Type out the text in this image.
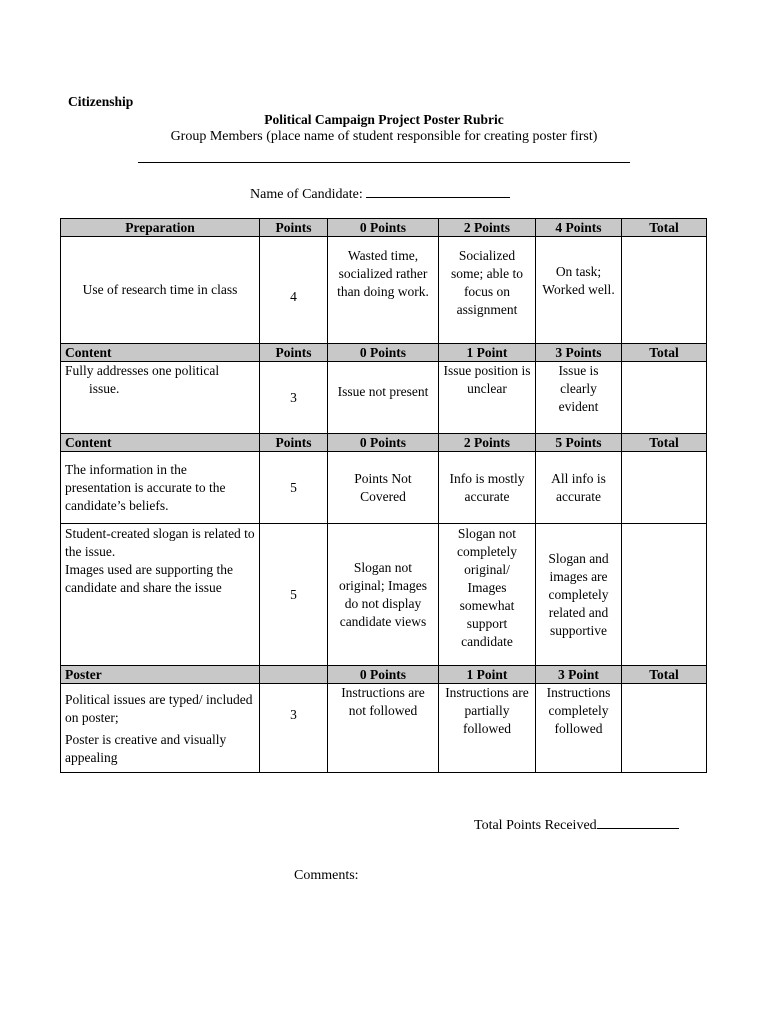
Citizenship
Political Campaign Project Poster Rubric
Group Members (place name of student responsible for creating poster first)
Name of Candidate:
Preparation	Points	0 Points	2 Points	4 Points	Total
Use of research time in class	4	Wasted time, socialized rather than doing work.	Socialized some; able to focus on assignment	On task; Worked well.	
Content	Points	0 Points	1 Point	3 Points	Total

Fully addresses one political
issue.	3	Issue not present	Issue position is unclear	Issue is clearly evident	
Content	Points	0 Points	2 Points	5 Points	Total
The information in the presentation is accurate to the candidate’s beliefs.	5	Points Not Covered	Info is mostly accurate	All info is accurate	

Student-created slogan is related to the issue.
Images used are supporting the candidate and share the issue	5	Slogan not original; Images do not display candidate views	Slogan not completely original/ Images somewhat support candidate	Slogan and images are completely related and supportive	
Poster		0 Points	1 Point	3 Point	Total

Political issues are typed/ included on poster;
Poster is creative and visually appealing	3	Instructions are not followed	Instructions are partially followed	Instructions completely followed	
Total Points Received
Comments:
